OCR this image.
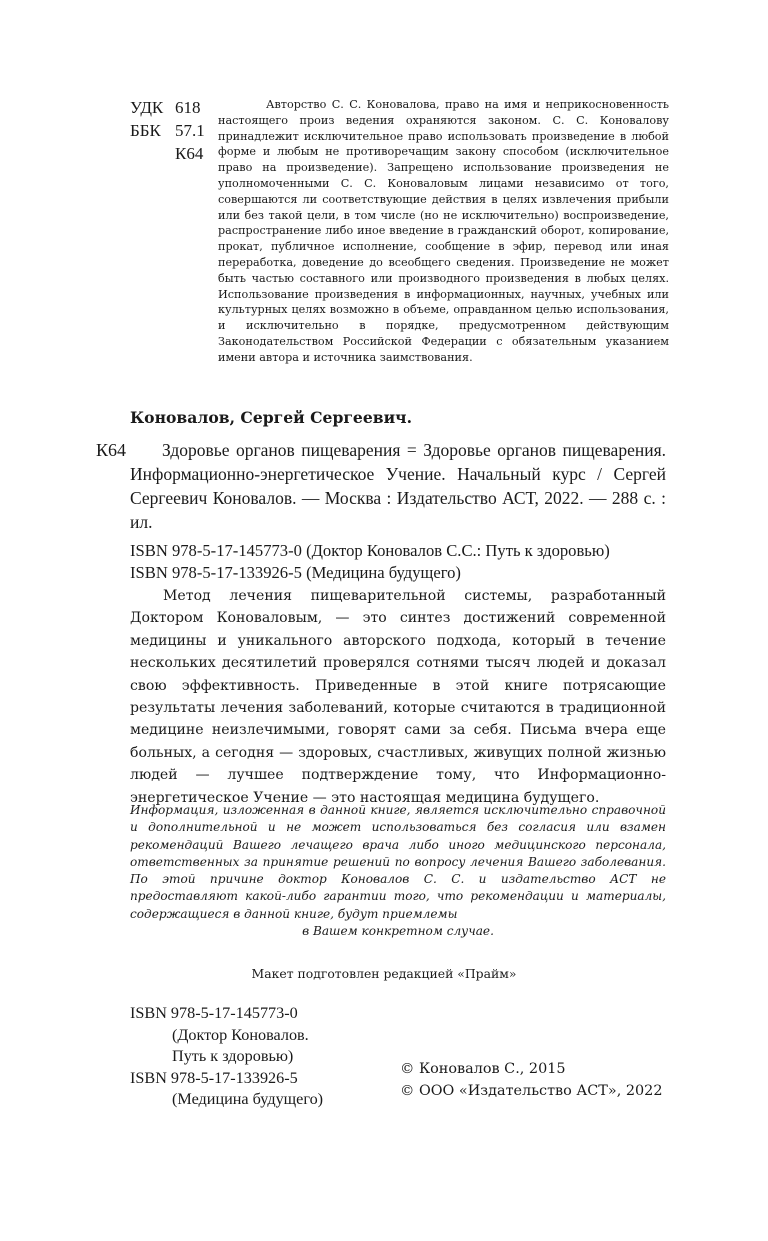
УДК 618
ББК 57.1
К64
Авторство С. С. Коновалова, право на имя и неприкосновенность настоящего произ ведения охраняются законом. С. С. Коновалову принадлежит исключительное право использовать произведение в любой форме и любым не противоречащим закону способом (исключительное право на произведение). Запрещено использование произведения не уполномоченными С. С. Коноваловым лицами независимо от того, совершаются ли соответствующие действия в целях извлечения прибыли или без такой цели, в том числе (но не исключительно) воспроизведение, распространение либо иное введение в гражданский оборот, копирование, прокат, публичное исполнение, сообщение в эфир, перевод или иная переработка, доведение до всеобщего сведения. Произведение не может быть частью составного или производного произведения в любых целях. Использование произведения в информационных, научных, учебных или культурных целях возможно в объеме, оправданном целью использования, и исключительно в порядке, предусмотренном действующим Законодательством Российской Федерации с обязательным указанием имени автора и источника заимствования.
Коновалов, Сергей Сергеевич.
К64	Здоровье органов пищеварения = Здоровье органов пищеварения. Информационно-энергетическое Учение. Начальный курс / Сергей Сергеевич Коновалов. — Москва : Издательство АСТ, 2022. — 288 с. : ил.
ISBN 978-5-17-145773-0 (Доктор Коновалов С.С.: Путь к здоровью)
ISBN 978-5-17-133926-5 (Медицина будущего)
Метод лечения пищеварительной системы, разработанный Доктором Коноваловым, — это синтез достижений современной медицины и уникального авторского подхода, который в течение нескольких десятилетий проверялся сотнями тысяч людей и доказал свою эффективность. Приведенные в этой книге потрясающие результаты лечения заболеваний, которые считаются в традиционной медицине неизлечимыми, говорят сами за себя. Письма вчера еще больных, а сегодня — здоровых, счастливых, живущих полной жизнью людей — лучшее подтверждение тому, что Информационно-энергетическое Учение — это настоящая медицина будущего.
Информация, изложенная в данной книге, является исключительно справочной и дополнительной и не может использоваться без согласия или взамен рекомендаций Вашего лечащего врача либо иного медицинского персонала, ответственных за принятие решений по вопросу лечения Вашего заболевания. По этой причине доктор Коновалов С. С. и издательство АСТ не предоставляют какой-либо гарантии того, что рекомендации и материалы, содержащиеся в данной книге, будут приемлемы
в Вашем конкретном случае.
Макет подготовлен редакцией «Прайм»
ISBN 978-5-17-145773-0
(Доктор Коновалов.
Путь к здоровью)
ISBN 978-5-17-133926-5
(Медицина будущего)
© Коновалов С., 2015
© ООО «Издательство АСТ», 2022
